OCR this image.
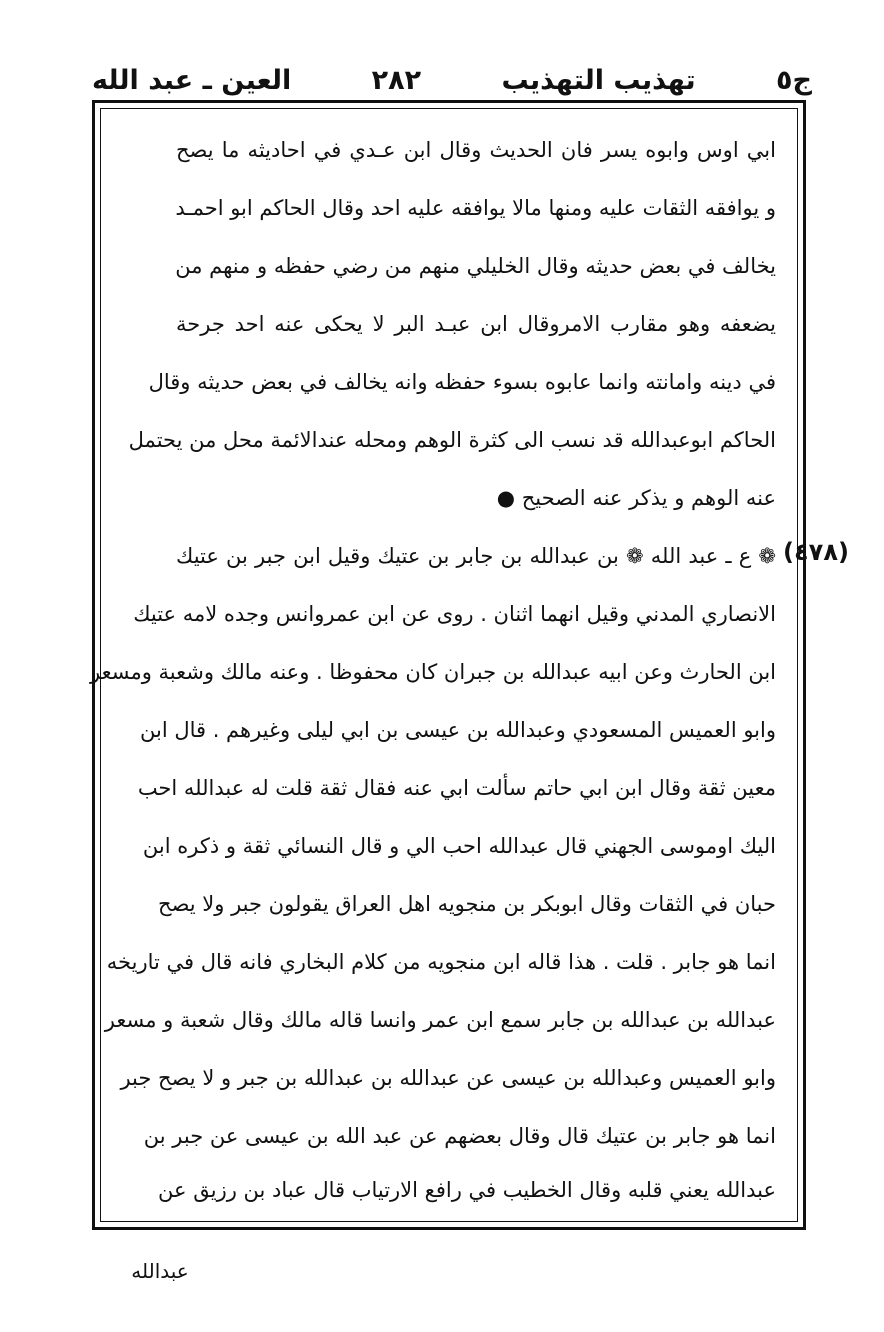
ج٥
تهذيب التهذيب
٢٨٢
العين ـ عبد الله
ابي اوس وابوه يسر فان الحديث وقال ابن عـدي في احاديثه ما يصح
و يوافقه الثقات عليه ومنها مالا يوافقه عليه احد وقال الحاكم ابو احمـد
يخالف في بعض حديثه وقال الخليلي منهم من رضي حفظه و منهم من
يضعفه وهو مقارب الامروقال ابن عبـد البر لا يحكى عنه احد جرحة
في دينه وامانته وانما عابوه بسوء حفظه وانه يخالف في بعض حديثه وقال
الحاكم ابوعبدالله قد نسب الى كثرة الوهم ومحله عندالائمة محل من يحتمل
عنه الوهم و يذكر عنه الصحيح ●
(٤٧٨)
❁ ع ـ عبد الله ❁ بن عبدالله بن جابر بن عتيك وقيل ابن جبر بن عتيك
الانصاري المدني وقيل انهما اثنان . روى عن ابن عمروانس وجده لامه عتيك
ابن الحارث وعن ابيه عبدالله بن جبران كان محفوظا . وعنه مالك وشعبة ومسعر
وابو العميس المسعودي وعبدالله بن عيسى بن ابي ليلى وغيرهم . قال ابن
معين ثقة وقال ابن ابي حاتم سألت ابي عنه فقال ثقة قلت له عبدالله احب
اليك اوموسى الجهني قال عبدالله احب الي و قال النسائي ثقة و ذكره ابن
حبان في الثقات وقال ابوبكر بن منجويه اهل العراق يقولون جبر ولا يصح
انما هو جابر . قلت . هذا قاله ابن منجويه من كلام البخاري فانه قال في تاريخه
عبدالله بن عبدالله بن جابر سمع ابن عمر وانسا قاله مالك وقال شعبة و مسعر
وابو العميس وعبدالله بن عيسى عن عبدالله بن عبدالله بن جبر و لا يصح جبر
انما هو جابر بن عتيك قال وقال بعضهم عن عبد الله بن عيسى عن جبر بن
عبدالله يعني قلبه وقال الخطيب في رافع الارتياب قال عباد بن رزيق عن
عبدالله
